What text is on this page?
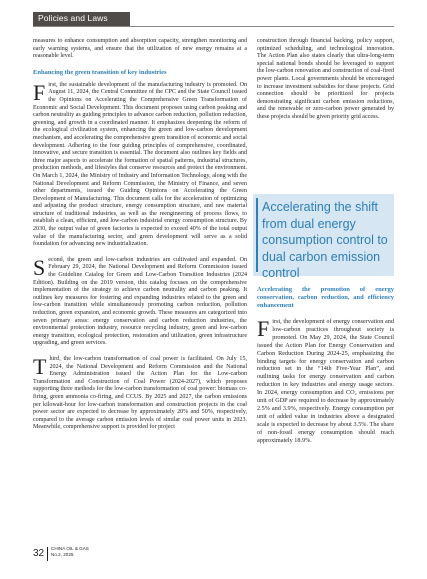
Policies and Laws

measures to enhance consumption and absorption capacity, strengthen monitoring and early warning systems, and ensure that the utilization of new energy remains at a reasonable level.

Enhancing the green transition of key industries

First, the sustainable development of the manufacturing industry is promoted. On August 11, 2024, the Central Committee of the CPC and the State Council issued the Opinions on Accelerating the Comprehensive Green Transformation of Economic and Social Development. This document proposes using carbon peaking and carbon neutrality as guiding principles to advance carbon reduction, pollution reduction, greening, and growth in a coordinated manner. It emphasizes deepening the reform of the ecological civilization system, enhancing the green and low-carbon development mechanism, and accelerating the comprehensive green transition of economic and social development. Adhering to the four guiding principles of comprehensive, coordinated, innovative, and secure transition is essential. The document also outlines key fields and three major aspects to accelerate the formation of spatial patterns, industrial structures, production methods, and lifestyles that conserve resources and protect the environment. On March 1, 2024, the Ministry of Industry and Information Technology, along with the National Development and Reform Commission, the Ministry of Finance, and seven other departments, issued the Guiding Opinions on Accelerating the Green Development of Manufacturing. This document calls for the acceleration of optimizing and adjusting the product structure, energy consumption structure, and raw material structure of traditional industries, as well as the reengineering of process flows, to establish a clean, efficient, and low-carbon industrial energy consumption structure. By 2030, the output value of green factories is expected to exceed 40% of the total output value of the manufacturing sector, and green development will serve as a solid foundation for advancing new industrialization.

Second, the green and low-carbon industries are cultivated and expanded. On February 29, 2024, the National Development and Reform Commission issued the Guideline Catalog for Green and Low-Carbon Transition Industries (2024 Edition). Building on the 2019 version, this catalog focuses on the comprehensive implementation of the strategy to achieve carbon neutrality and carbon peaking. It outlines key measures for fostering and expanding industries related to the green and low-carbon transition while simultaneously promoting carbon reduction, pollution reduction, green expansion, and economic growth. These measures are categorized into seven primary areas: energy conservation and carbon reduction industries, the environmental protection industry, resource recycling industry, green and low-carbon energy transition, ecological protection, restoration and utilization, green infrastructure upgrading, and green services.

Third, the low-carbon transformation of coal power is facilitated. On July 15, 2024, the National Development and Reform Commission and the National Energy Administration issued the Action Plan for the Low-carbon Transformation and Construction of Coal Power (2024-2027), which proposes supporting three methods for the low-carbon transformation of coal power: biomass co-firing, green ammonia co-firing, and CCUS. By 2025 and 2027, the carbon emissions per kilowatt-hour for low-carbon transformation and construction projects in the coal power sector are expected to decrease by approximately 20% and 50%, respectively, compared to the average carbon emission levels of similar coal power units in 2023. Meanwhile, comprehensive support is provided for project

construction through financial backing, policy support, optimized scheduling, and technological innovation. The Action Plan also states clearly that ultra-long-term special national bonds should be leveraged to support the low-carbon renovation and construction of coal-fired power plants. Local governments should be encouraged to increase investment subsidies for these projects. Grid connection should be prioritized for projects demonstrating significant carbon emission reductions, and the renewable or zero-carbon power generated by these projects should be given priority grid access.

Accelerating the shift from dual energy consumption control to dual carbon emission control

Accelerating the promotion of energy conservation, carbon reduction, and efficiency enhancement

First, the development of energy conservation and low-carbon practices throughout society is promoted. On May 29, 2024, the State Council issued the Action Plan for Energy Conservation and Carbon Reduction During 2024-25, emphasizing the binding targets for energy conservation and carbon reduction set in the “14th Five-Year Plan”, and outlining tasks for energy conservation and carbon reduction in key industries and energy usage sectors. In 2024, energy consumption and CO₂ emissions per unit of GDP are required to decrease by approximately 2.5% and 3.9%, respectively. Energy consumption per unit of added value in industries above a designated scale is expected to decrease by about 3.5%. The share of non-fossil energy consumption should reach approximately 18.9%.

32 CHINA OIL & GAS
No.2, 2025
